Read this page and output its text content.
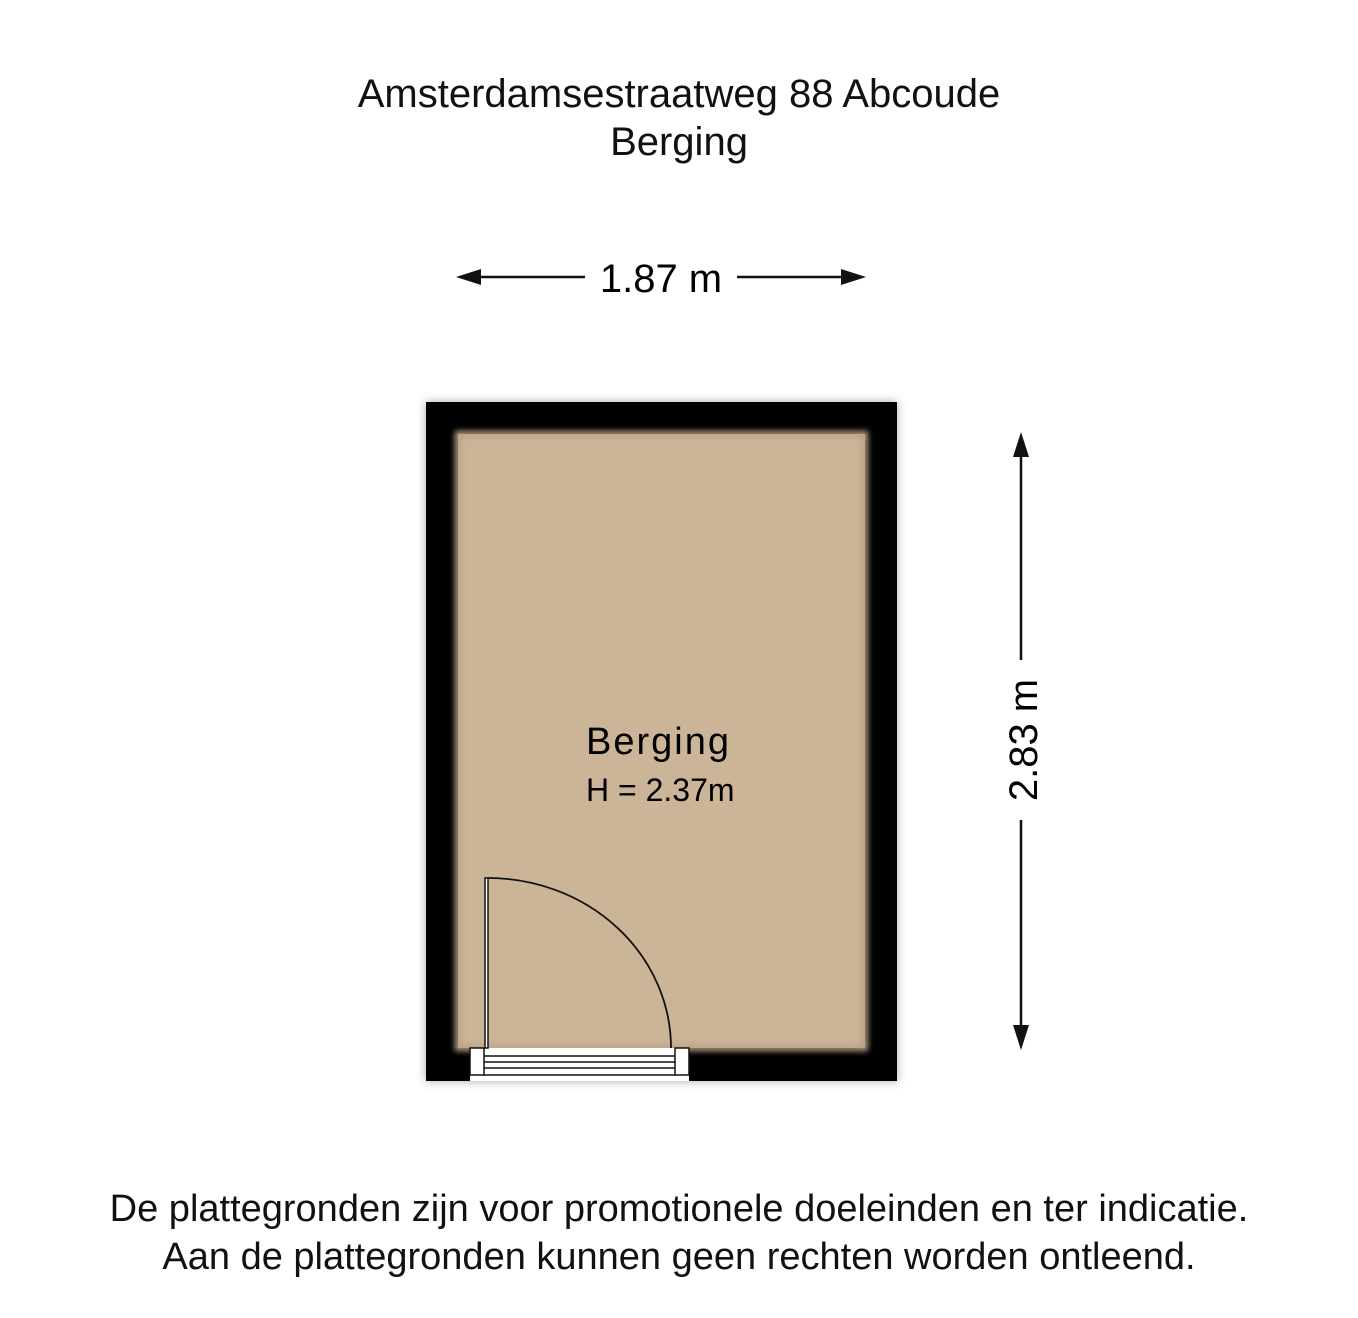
Amsterdamsestraatweg 88 Abcoude
Berging
1.87 m
2.83 m
Berging
H = 2.37m
De plattegronden zijn voor promotionele doeleinden en ter indicatie.
Aan de plattegronden kunnen geen rechten worden ontleend.
